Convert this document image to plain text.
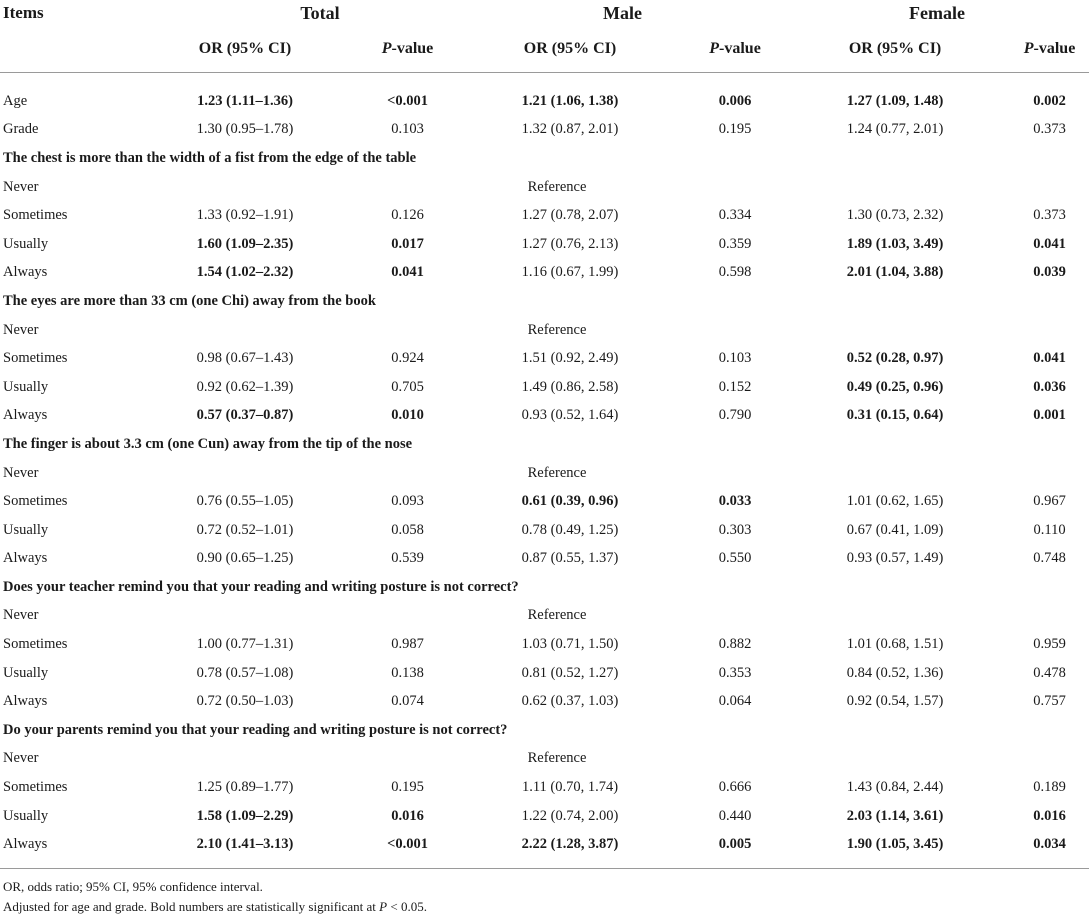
Items	Total		Male		Female	
	OR (95% CI)	P-value	OR (95% CI)	P-value	OR (95% CI)	P-value

Age	1.23 (1.11–1.36)	<0.001	1.21 (1.06, 1.38)	0.006	1.27 (1.09, 1.48)	0.002
Grade	1.30 (0.95–1.78)	0.103	1.32 (0.87, 2.01)	0.195	1.24 (0.77, 2.01)	0.373
The chest is more than the width of a fist from the edge of the table						
Never	Reference					
Sometimes	1.33 (0.92–1.91)	0.126	1.27 (0.78, 2.07)	0.334	1.30 (0.73, 2.32)	0.373
Usually	1.60 (1.09–2.35)	0.017	1.27 (0.76, 2.13)	0.359	1.89 (1.03, 3.49)	0.041
Always	1.54 (1.02–2.32)	0.041	1.16 (0.67, 1.99)	0.598	2.01 (1.04, 3.88)	0.039
The eyes are more than 33 cm (one Chi) away from the book						
Never	Reference					
Sometimes	0.98 (0.67–1.43)	0.924	1.51 (0.92, 2.49)	0.103	0.52 (0.28, 0.97)	0.041
Usually	0.92 (0.62–1.39)	0.705	1.49 (0.86, 2.58)	0.152	0.49 (0.25, 0.96)	0.036
Always	0.57 (0.37–0.87)	0.010	0.93 (0.52, 1.64)	0.790	0.31 (0.15, 0.64)	0.001
The finger is about 3.3 cm (one Cun) away from the tip of the nose						
Never	Reference					
Sometimes	0.76 (0.55–1.05)	0.093	0.61 (0.39, 0.96)	0.033	1.01 (0.62, 1.65)	0.967
Usually	0.72 (0.52–1.01)	0.058	0.78 (0.49, 1.25)	0.303	0.67 (0.41, 1.09)	0.110
Always	0.90 (0.65–1.25)	0.539	0.87 (0.55, 1.37)	0.550	0.93 (0.57, 1.49)	0.748
Does your teacher remind you that your reading and writing posture is not correct?						
Never	Reference					
Sometimes	1.00 (0.77–1.31)	0.987	1.03 (0.71, 1.50)	0.882	1.01 (0.68, 1.51)	0.959
Usually	0.78 (0.57–1.08)	0.138	0.81 (0.52, 1.27)	0.353	0.84 (0.52, 1.36)	0.478
Always	0.72 (0.50–1.03)	0.074	0.62 (0.37, 1.03)	0.064	0.92 (0.54, 1.57)	0.757
Do your parents remind you that your reading and writing posture is not correct?						
Never	Reference					
Sometimes	1.25 (0.89–1.77)	0.195	1.11 (0.70, 1.74)	0.666	1.43 (0.84, 2.44)	0.189
Usually	1.58 (1.09–2.29)	0.016	1.22 (0.74, 2.00)	0.440	2.03 (1.14, 3.61)	0.016
Always	2.10 (1.41–3.13)	<0.001	2.22 (1.28, 3.87)	0.005	1.90 (1.05, 3.45)	0.034
OR, odds ratio; 95% CI, 95% confidence interval.
Adjusted for age and grade. Bold numbers are statistically significant at P < 0.05.
